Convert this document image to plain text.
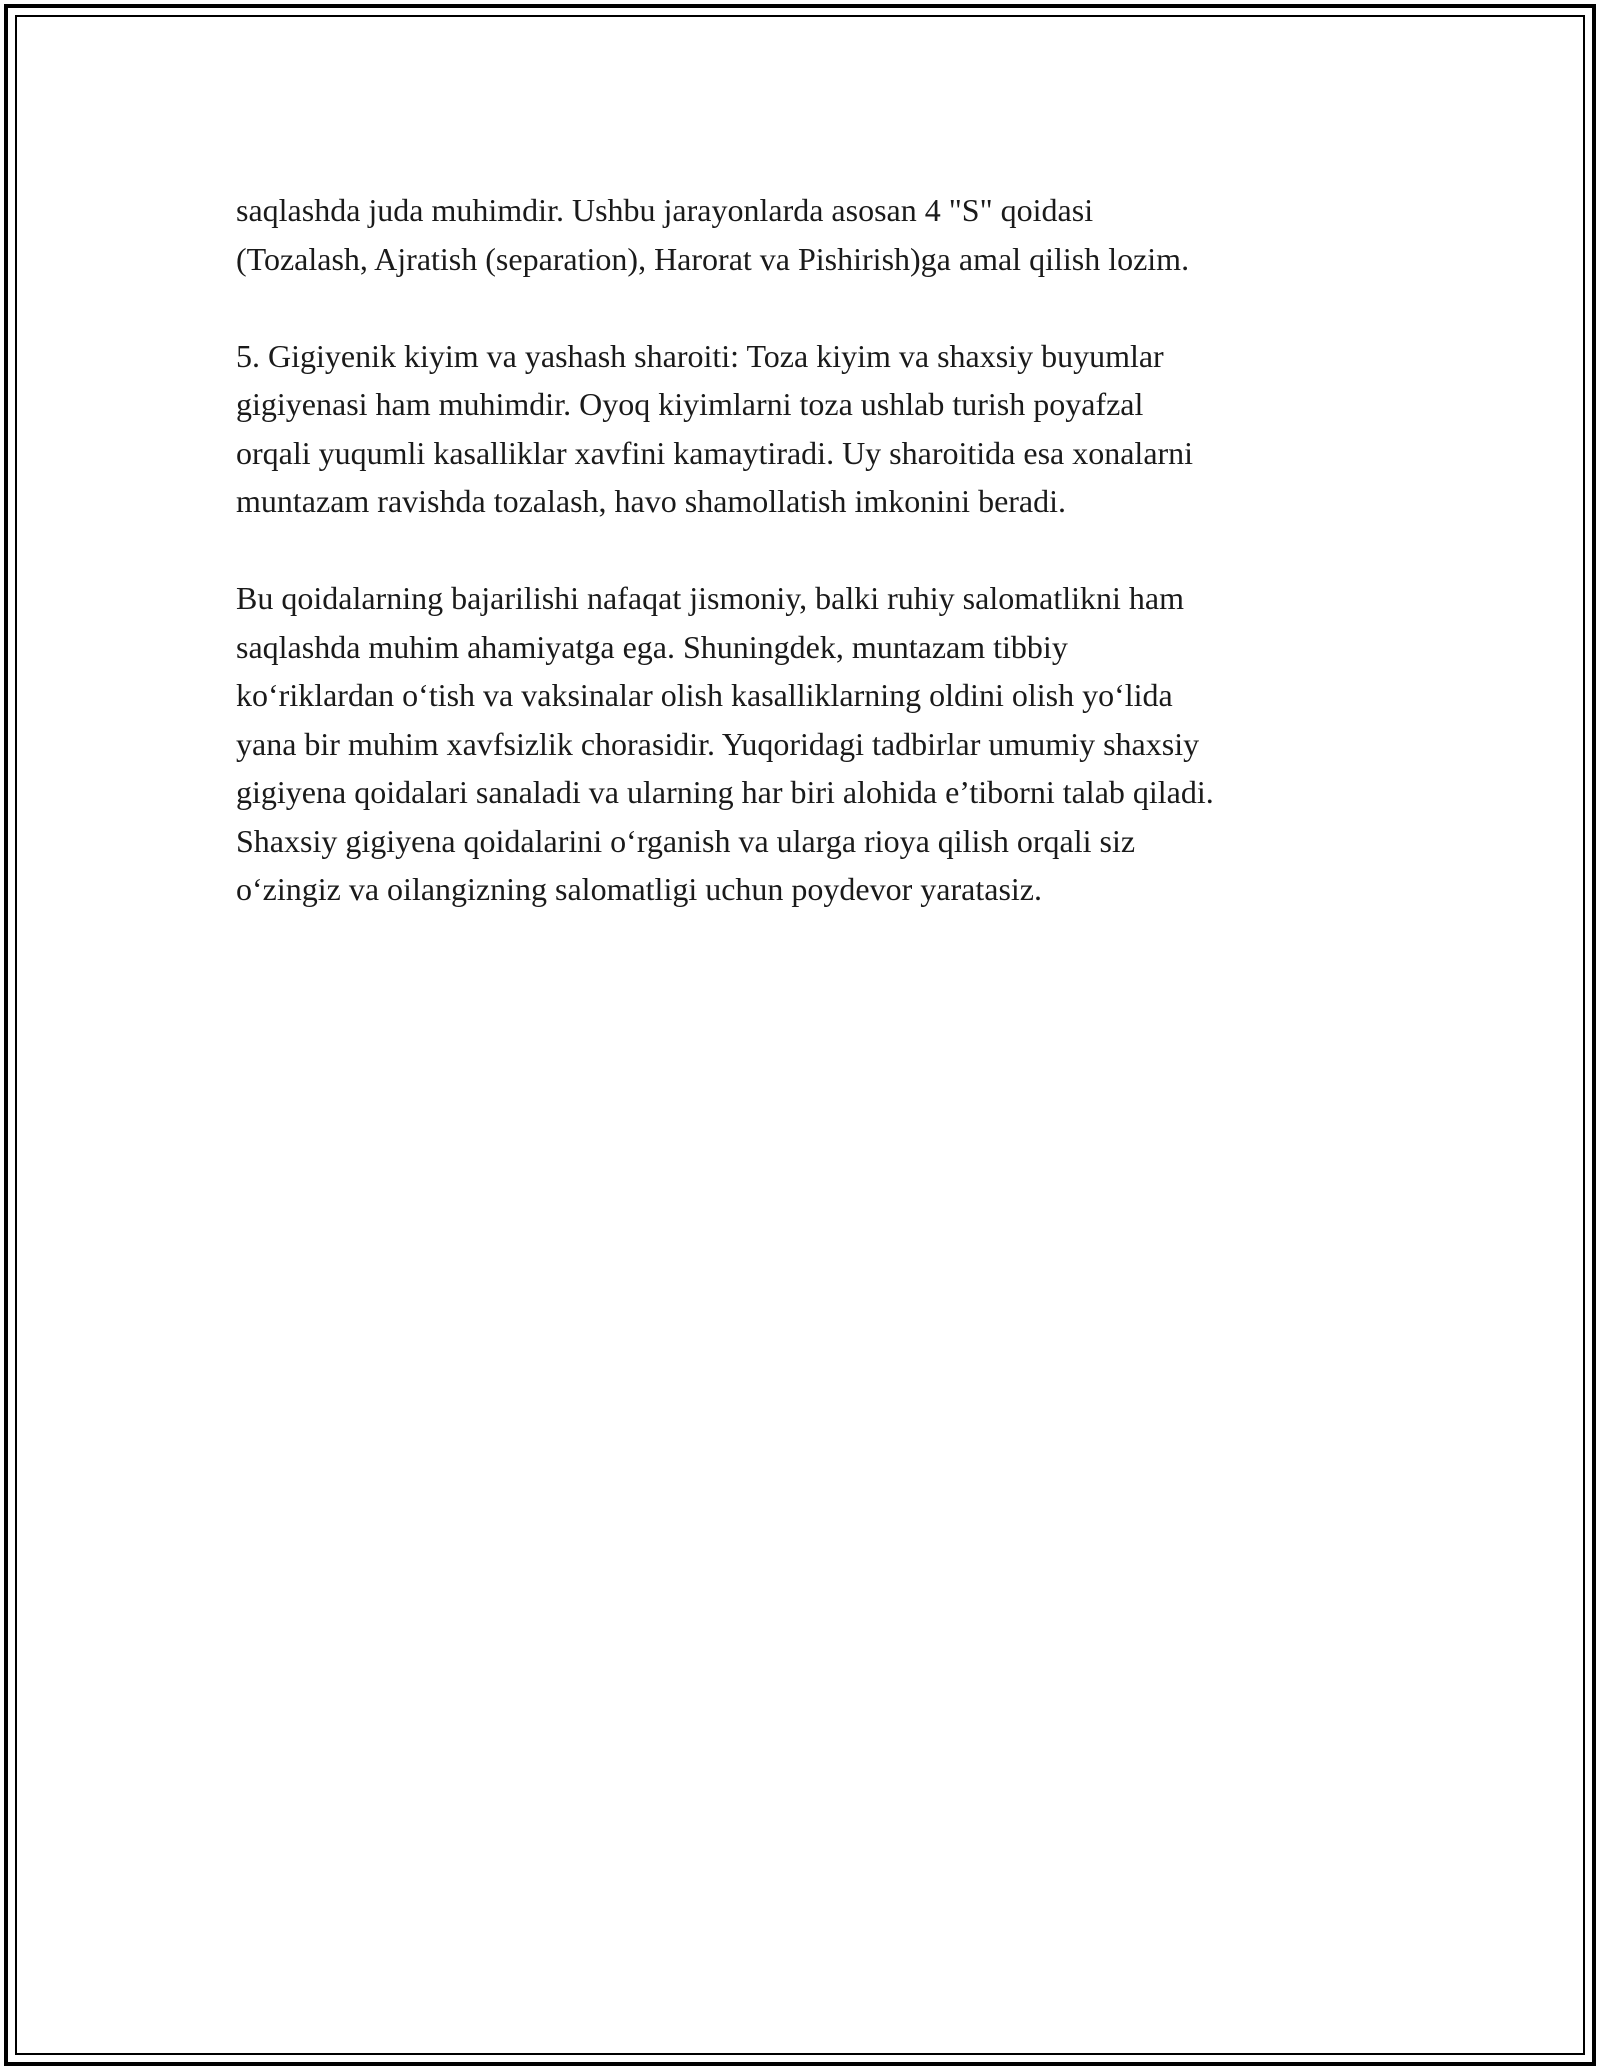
saqlashda juda muhimdir. Ushbu jarayonlarda asosan 4 "S" qoidasi
(Tozalash, Ajratish (separation), Harorat va Pishirish)ga amal qilish lozim.

5. Gigiyenik kiyim va yashash sharoiti: Toza kiyim va shaxsiy buyumlar
gigiyenasi ham muhimdir. Oyoq kiyimlarni toza ushlab turish poyafzal
orqali yuqumli kasalliklar xavfini kamaytiradi. Uy sharoitida esa xonalarni
muntazam ravishda tozalash, havo shamollatish imkonini beradi.

Bu qoidalarning bajarilishi nafaqat jismoniy, balki ruhiy salomatlikni ham
saqlashda muhim ahamiyatga ega. Shuningdek, muntazam tibbiy
ko‘riklardan o‘tish va vaksinalar olish kasalliklarning oldini olish yo‘lida
yana bir muhim xavfsizlik chorasidir. Yuqoridagi tadbirlar umumiy shaxsiy
gigiyena qoidalari sanaladi va ularning har biri alohida e’tiborni talab qiladi.
Shaxsiy gigiyena qoidalarini o‘rganish va ularga rioya qilish orqali siz
o‘zingiz va oilangizning salomatligi uchun poydevor yaratasiz.
